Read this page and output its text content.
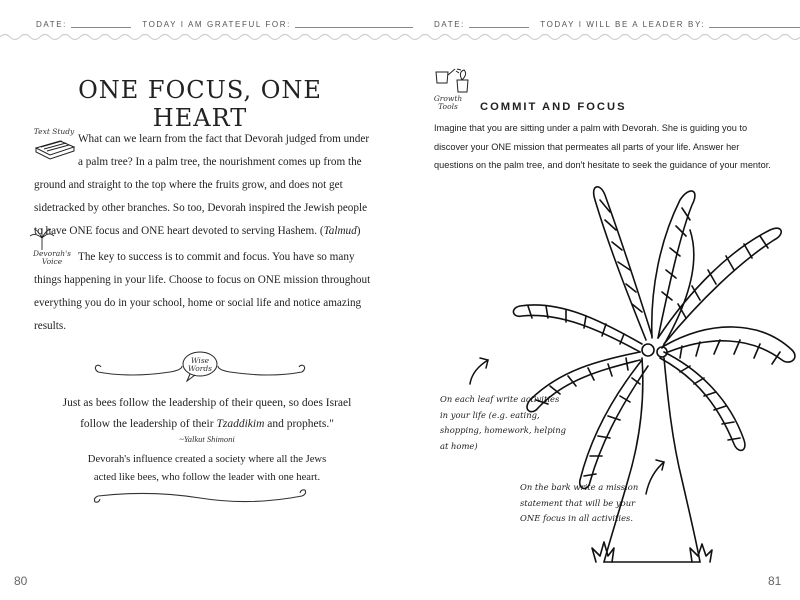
DATE:	TODAY I AM GRATEFUL FOR:	DATE:	TODAY I WILL BE A LEADER BY:
ONE FOCUS, ONE HEART
Text Study
What can we learn from the fact that Devorah judged from under
a palm tree? In a palm tree, the nourishment comes up from the
ground and straight to the top where the fruits grow, and does not get
sidetracked by other branches. So too, Devorah inspired the Jewish people
to have ONE focus and ONE heart devoted to serving Hashem. (Talmud)
Devorah's
Voice	The key to success is to commit and focus. You have so many
things happening in your life. Choose to focus on ONE mission throughout
everything you do in your school, home or social life and notice amazing
results.
Wise
Words
Just as bees follow the leadership of their queen, so does Israel
follow the leadership of their Tzaddikim and prophets."
~Yalkut Shimoni
Devorah's influence created a society where all the Jews
acted like bees, who follow the leader with one heart.
80
Growth
Tools	COMMIT AND FOCUS
Imagine that you are sitting under a palm with Devorah. She is guiding you to
discover your ONE mission that permeates all parts of your life. Answer her
questions on the palm tree, and don't hesitate to seek the guidance of your mentor.
On each leaf write activities
in your life (e.g. eating,
shopping, homework, helping
at home)
On the bark write a mission
statement that will be your
ONE focus in all activities.
81
